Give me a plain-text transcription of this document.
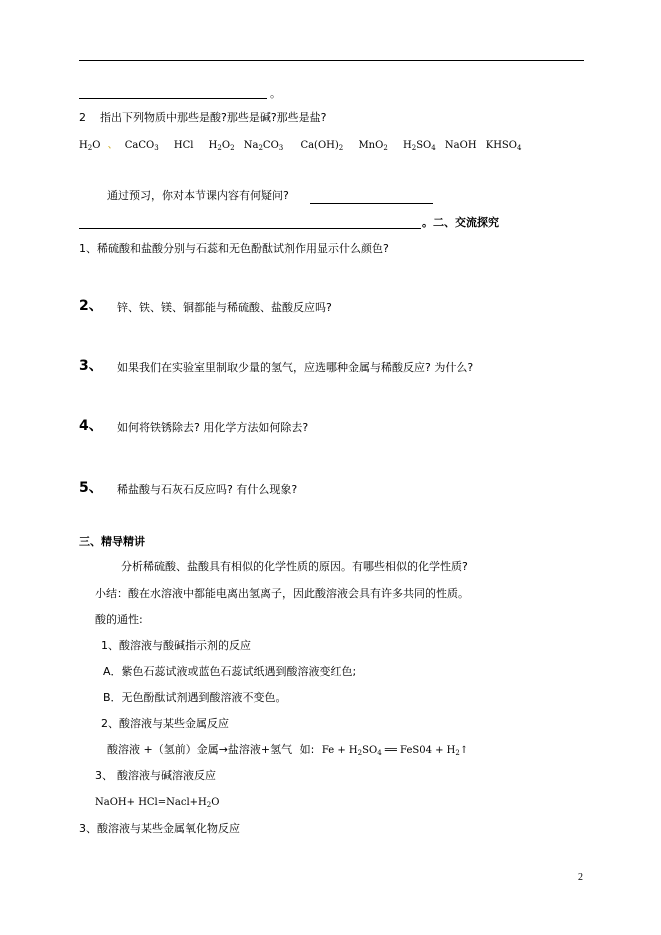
。
2 指出下列物质中那些是酸?那些是碱?那些是盐?
$H_2O$ 、 CaCO$_3$ HCl $H_2O_2$ $Na_2CO_3$ $Ca(OH)_2$ MnO$_2$ $H_2SO_4$ NaOH $KHSO_4$
通过预习，你对本节课内容有何疑问?
。二、交流探究
1、稀硫酸和盐酸分别与石蕊和无色酚酞试剂作用显示什么颜色?
2、 锌、铁、镁、铜都能与稀硫酸、盐酸反应吗?
3、 如果我们在实验室里制取少量的氢气，应选哪种金属与稀酸反应? 为什么?
4、 如何将铁锈除去? 用化学方法如何除去?
5、 稀盐酸与石灰石反应吗? 有什么现象?
三、精导精讲
分析稀硫酸、盐酸具有相似的化学性质的原因。有哪些相似的化学性质?
小结：酸在水溶液中都能电离出氢离子，因此酸溶液会具有许多共同的性质。
酸的通性:
1、酸溶液与酸碱指示剂的反应
A．紫色石蕊试液或蓝色石蕊试纸遇到酸溶液变红色;
B．无色酚酞试剂遇到酸溶液不变色。
2、酸溶液与某些金属反应
酸溶液 +（氢前）金属→盐溶液+氢气 如: $Fe + H_2SO_4$ ══ $FeS04 + H_2↑$
3、 酸溶液与碱溶液反应
NaOH+ $HCl=Nacl+H_2O$
3、酸溶液与某些金属氧化物反应
2
